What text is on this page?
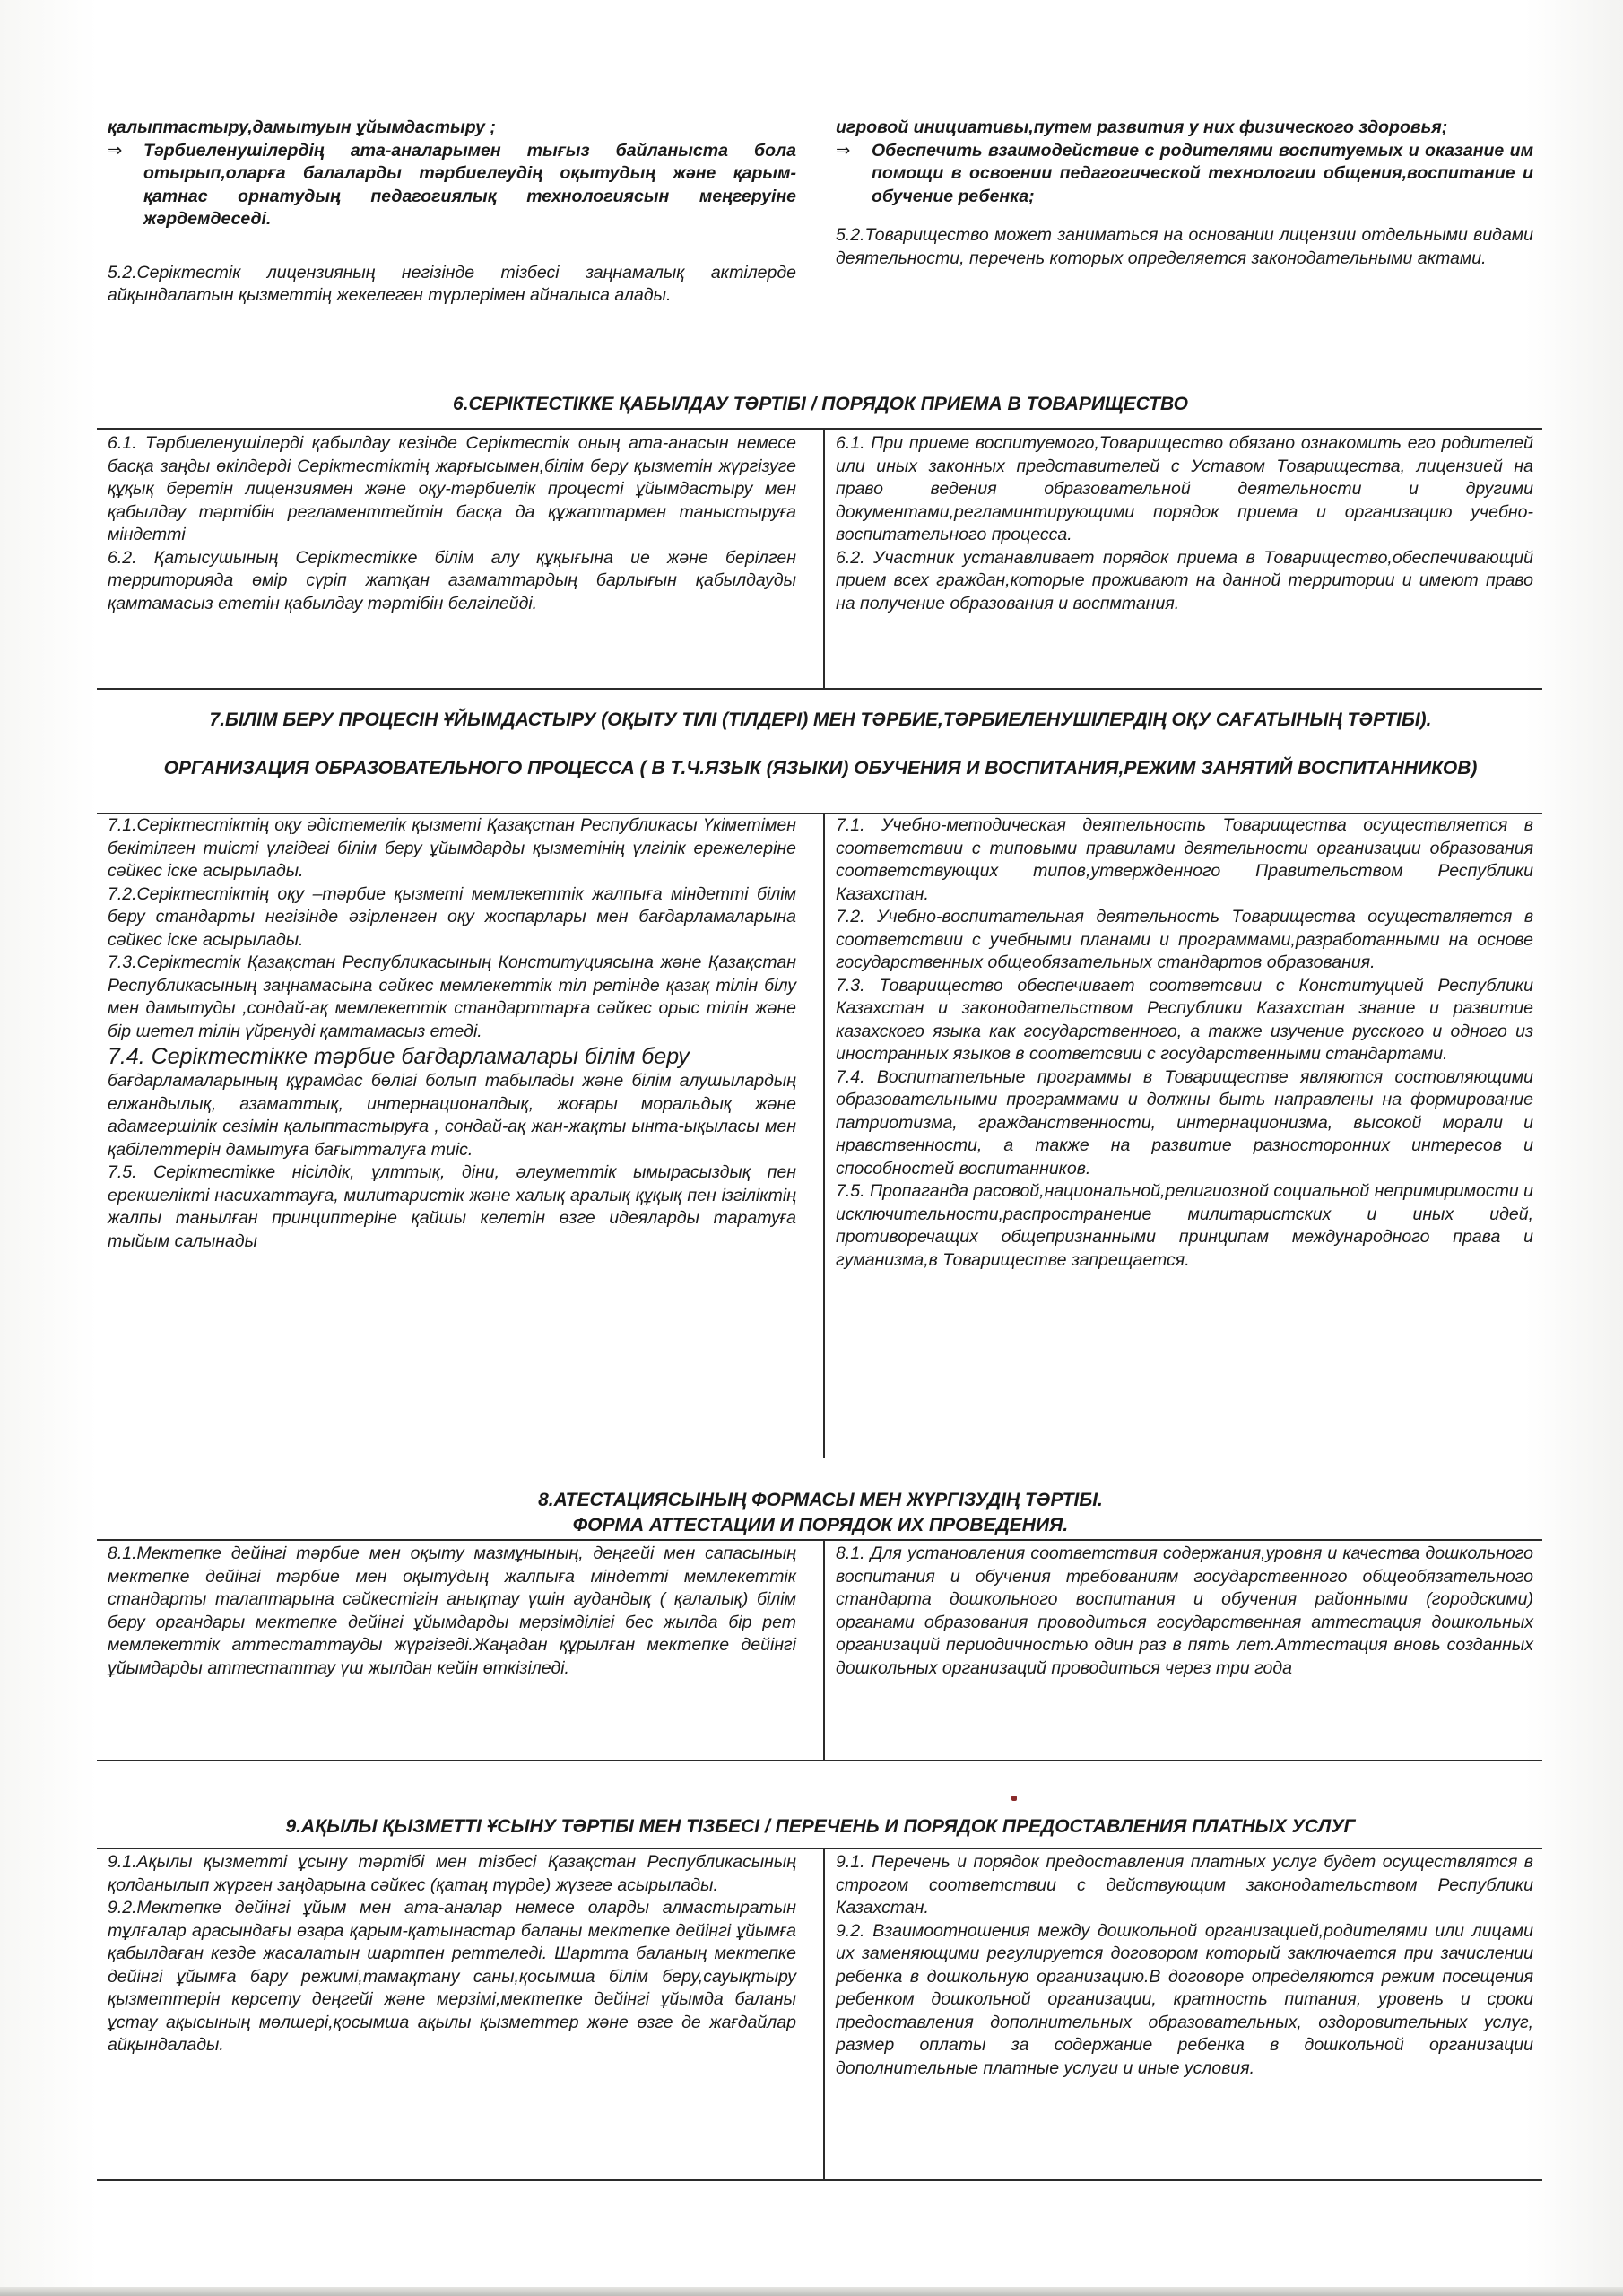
қалыптастыру,дамытуын ұйымдастыру ;

⇒	Тәрбиеленушілердің ата-аналарымен тығыз байланыста бола отырып,оларға балаларды тәрбиелеудің оқытудың және қарым-қатнас орнатудың педагогиялық технологиясын меңгеруіне жәрдемдеседі.

5.2.Серіктестік лицензияның негізінде тізбесі заңнамалық актілерде айқындалатын қызметтің жекелеген түрлерімен айналыса алады.

игровой инициативы,путем развития у них физического здоровья;

⇒	Обеспечить взаимодействие с родителями воспитуемых и оказание им помощи в освоении педагогической технологии общения,воспитание и обучение ребенка;

5.2.Товарищество может заниматься на основании лицензии отдельными видами деятельности, перечень которых определяется законодательными актами.

6.СЕРІКТЕСТІККЕ ҚАБЫЛДАУ ТӘРТІБІ / ПОРЯДОК ПРИЕМА В ТОВАРИЩЕСТВО

6.1. Тәрбиеленушілерді қабылдау кезінде Серіктестік оның ата-анасын немесе басқа заңды өкілдерді Серіктестіктің жарғысымен,білім беру қызметін жүргізуге құқық беретін лицензиямен және оқу-тәрбиелік процесті ұйымдастыру мен қабылдау тәртібін регламенттейтін басқа да құжаттармен таныстыруға міндетті

6.2. Қатысушының Серіктестікке білім алу құқығына ие және берілген территорияда өмір сүріп жатқан азаматтардың барлығын қабылдауды қамтамасыз ететін қабылдау тәртібін белгілейді.

6.1. При приеме воспитуемого,Товарищество обязано ознакомить его родителей или иных законных представителей с Уставом Товарищества, лицензией на право ведения образовательной деятельности и другими документами,регламинтирующими порядок приема и организацию учебно-воспитательного процесса.

6.2. Участник устанавливает порядок приема в Товарищество,обеспечивающий прием всех граждан,которые проживают на данной территории и имеют право на получение образования и воспмтания.

7.БІЛІМ БЕРУ ПРОЦЕСІН ҰЙЫМДАСТЫРУ (ОҚЫТУ ТІЛІ (ТІЛДЕРІ) МЕН ТӘРБИЕ,ТӘРБИЕЛЕНУШІЛЕРДІҢ ОҚУ САҒАТЫНЫҢ ТӘРТІБІ).
ОРГАНИЗАЦИЯ ОБРАЗОВАТЕЛЬНОГО ПРОЦЕССА ( В Т.Ч.ЯЗЫК (ЯЗЫКИ) ОБУЧЕНИЯ И ВОСПИТАНИЯ,РЕЖИМ ЗАНЯТИЙ ВОСПИТАННИКОВ)

7.1.Серіктестіктің оқу әдістемелік қызметі Қазақстан Республикасы Үкіметімен бекітілген тиісті үлгідегі білім беру ұйымдарды қызметінің үлгілік ережелеріне сәйкес іске асырылады.

7.2.Серіктестіктің оқу –тәрбие қызметі мемлекеттік жалпыға міндетті білім беру стандарты негізінде әзірленген оқу жоспарлары мен бағдарламаларына сәйкес іске асырылады.

7.3.Серіктестік Қазақстан Республикасының Конституциясына және Қазақстан Республикасының заңнамасына сәйкес мемлекеттік тіл ретінде қазақ тілін білу мен дамытуды ,сондай-ақ мемлекеттік стандарттарға сәйкес орыс тілін және бір шетел тілін үйренуді қамтамасыз етеді.

7.4. Серіктестікке тәрбие бағдарламалары білім беру

бағдарламаларының құрамдас бөлігі болып табылады және білім алушылардың елжандылық, азаматтық, интернационалдық, жоғары моральдық және адамгершілік сезімін қалыптастыруға , сондай-ақ жан-жақты ынта-ықыласы мен қабілеттерін дамытуға бағытталуға тиіс.

7.5. Серіктестікке нісілдік, ұлттық, діни, әлеуметтік ымырасыздық пен ерекшелікті насихаттауға, милитаристік және халық аралық құқық пен ізгіліктің жалпы танылған принциптеріне қайшы келетін өзге идеяларды таратуға тыйым салынады

7.1. Учебно-методическая деятельность Товарищества осуществляется в соответствии с типовыми правилами деятельности организации образования соответствующих типов,утвержденного Правительством Республики Казахстан.

7.2. Учебно-воспитательная деятельность Товарищества осуществляется в соответствии с учебными планами и программами,разработанными на основе государственных общеобязательных стандартов образования.

7.3. Товарищество обеспечивает соответсвии с Конституцией Республики Казахстан и законодательством Республики Казахстан знание и развитие казахского языка как государственного, а также изучение русского и одного из иностранных языков в соответсвии с государственными стандартами.

7.4. Воспитательные программы в Товариществе являются состовляющими образовательными программами и должны быть направлены на формирование патриотизма, гражданственности, интернационизма, высокой морали и нравственности, а также на развитие разносторонних интересов и способностей воспитанников.

7.5. Пропаганда расовой,национальной,религиозной социальной непримиримости и исключительности,распространение милитаристских и иных идей, противоречащих общепризнанными принципам международного права и гуманизма,в Товариществе запрещается.

8.АТЕСТАЦИЯСЫНЫҢ ФОРМАСЫ МЕН ЖҮРГІЗУДІҢ ТӘРТІБІ.
ФОРМА АТТЕСТАЦИИ И ПОРЯДОК ИХ ПРОВЕДЕНИЯ.

8.1.Мектепке дейінгі тәрбие мен оқыту мазмұнының, деңгейі мен сапасының мектепке дейінгі тәрбие мен оқытудың жалпыға міндетті мемлекеттік стандарты талаптарына сәйкестігін анықтау үшін аудандық ( қалалық) білім беру органдары мектепке дейінгі ұйымдарды мерзімділігі бес жылда бір рет мемлекеттік аттестаттауды жүргізеді.Жаңадан құрылған мектепке дейінгі ұйымдарды аттестаттау үш жылдан кейін өткізіледі.

8.1. Для установления соответствия содержания,уровня и качества дошкольного воспитания и обучения требованиям государственного общеобязательного стандарта дошкольного воспитания и обучения районными (городскими) органами образования проводиться государственная аттестация дошкольных организаций периодичностью один раз в пять лет.Аттестация вновь созданных дошкольных организаций проводиться через три года

9.АҚЫЛЫ ҚЫЗМЕТТІ ҰСЫНУ ТӘРТІБІ МЕН ТІЗБЕСІ / ПЕРЕЧЕНЬ И ПОРЯДОК ПРЕДОСТАВЛЕНИЯ ПЛАТНЫХ УСЛУГ

9.1.Ақылы қызметті ұсыну тәртібі мен тізбесі Қазақстан Республикасының қолданылып жүрген заңдарына сәйкес (қатаң түрде) жүзеге асырылады.

9.2.Мектепке дейінгі ұйым мен ата-аналар немесе оларды алмастыратын тұлғалар арасындағы өзара қарым-қатынастар баланы мектепке дейінгі ұйымға қабылдаған кезде жасалатын шартпен реттеледі. Шартта баланың мектепке дейінгі ұйымға бару режимі,тамақтану саны,қосымша білім беру,сауықтыру қызметтерін көрсету деңгейі және мерзімі,мектепке дейінгі ұйымда баланы ұстау ақысының мөлшері,қосымша ақылы қызметтер және өзге де жағдайлар айқындалады.

9.1. Перечень и порядок предоставления платных услуг будет осуществлятся в строгом соответствии с действующим законодательством Республики Казахстан.

9.2. Взаимоотношения между дошкольной организацией,родителями или лицами их заменяющими регулируется договором который заключается при зачислении ребенка в дошкольную организацию.В договоре определяются режим посещения ребенком дошкольной организации, кратность питания, уровень и сроки предоставления дополнительных образовательных, оздоровительных услуг, размер оплаты за содержание ребенка в дошкольной организации дополнительные платные услуги и иные условия.
